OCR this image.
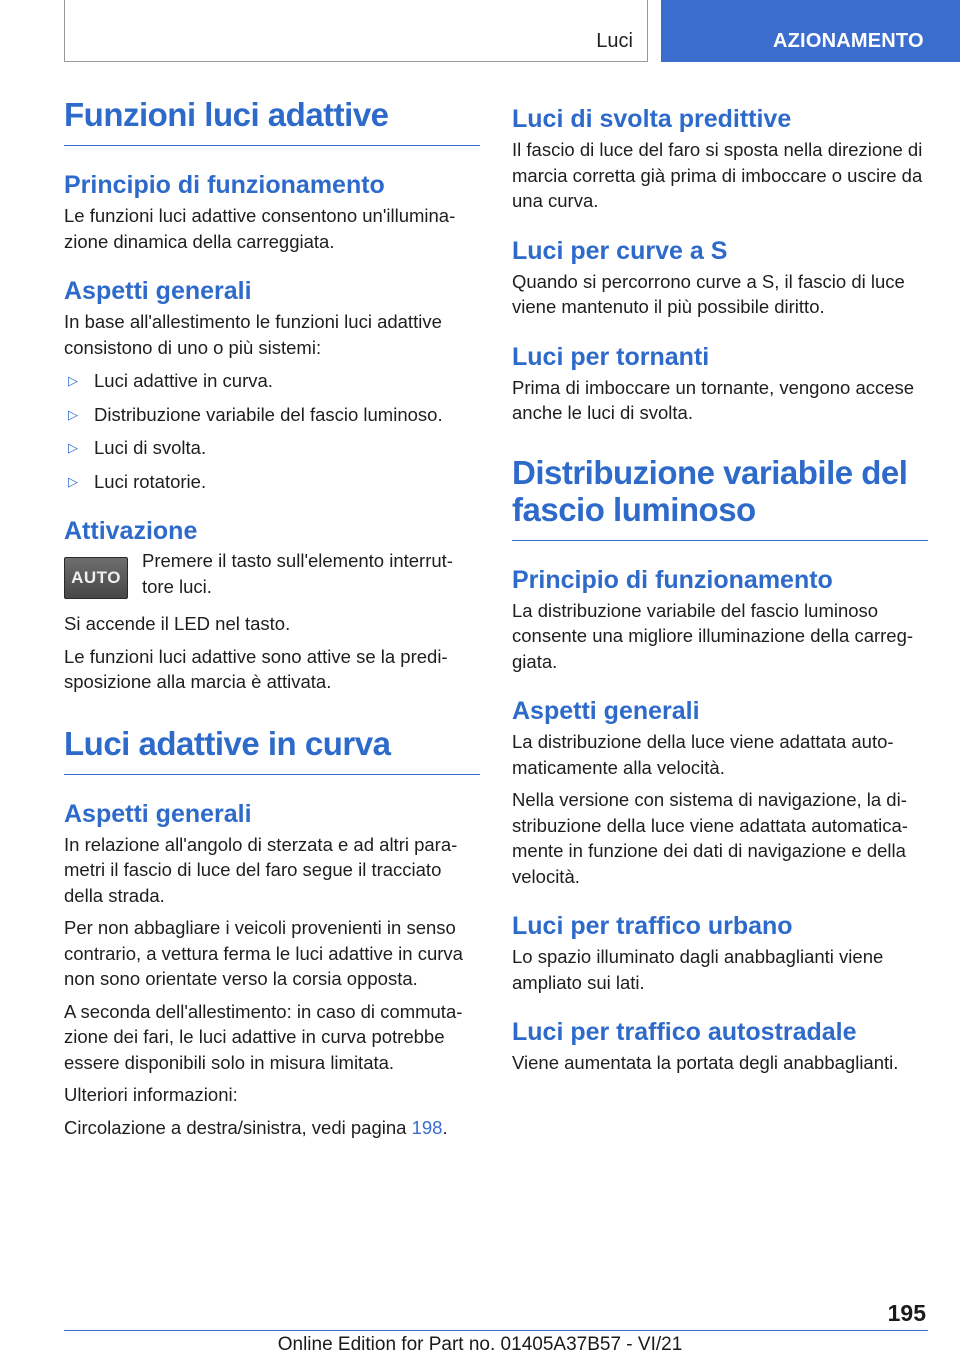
Luci	AZIONAMENTO
Funzioni luci adattive
Principio di funzionamento

Le funzioni luci adattive consentono un'illumina-zione dinamica della carreggiata.

Aspetti generali

In base all'allestimento le funzioni luci adattive consistono di uno o più sistemi:

▷ Luci adattive in curva.
▷ Distribuzione variabile del fascio luminoso.
▷ Luci di svolta.
▷ Luci rotatorie.
Attivazione
AUTO

Premere il tasto sull'elemento interrut-tore luci.

Si accende il LED nel tasto.

Le funzioni luci adattive sono attive se la predi-sposizione alla marcia è attivata.

Luci adattive in curva
Aspetti generali

In relazione all'angolo di sterzata e ad altri para-metri il fascio di luce del faro segue il tracciato della strada.

Per non abbagliare i veicoli provenienti in senso contrario, a vettura ferma le luci adattive in curva non sono orientate verso la corsia opposta.

A seconda dell'allestimento: in caso di commuta-zione dei fari, le luci adattive in curva potrebbe essere disponibili solo in misura limitata.

Ulteriori informazioni:

Circolazione a destra/sinistra, vedi pagina 198.

Luci di svolta predittive

Il fascio di luce del faro si sposta nella direzione di marcia corretta già prima di imboccare o uscire da una curva.

Luci per curve a S

Quando si percorrono curve a S, il fascio di luce viene mantenuto il più possibile diritto.

Luci per tornanti

Prima di imboccare un tornante, vengono accese anche le luci di svolta.

Distribuzione variabile del fascio luminoso
Principio di funzionamento

La distribuzione variabile del fascio luminoso consente una migliore illuminazione della carreg-giata.

Aspetti generali

La distribuzione della luce viene adattata auto-maticamente alla velocità.

Nella versione con sistema di navigazione, la di-stribuzione della luce viene adattata automatica-mente in funzione dei dati di navigazione e della velocità.

Luci per traffico urbano

Lo spazio illuminato dagli anabbaglianti viene ampliato sui lati.

Luci per traffico autostradale

Viene aumentata la portata degli anabbaglianti.

195
Online Edition for Part no. 01405A37B57 - VI/21
